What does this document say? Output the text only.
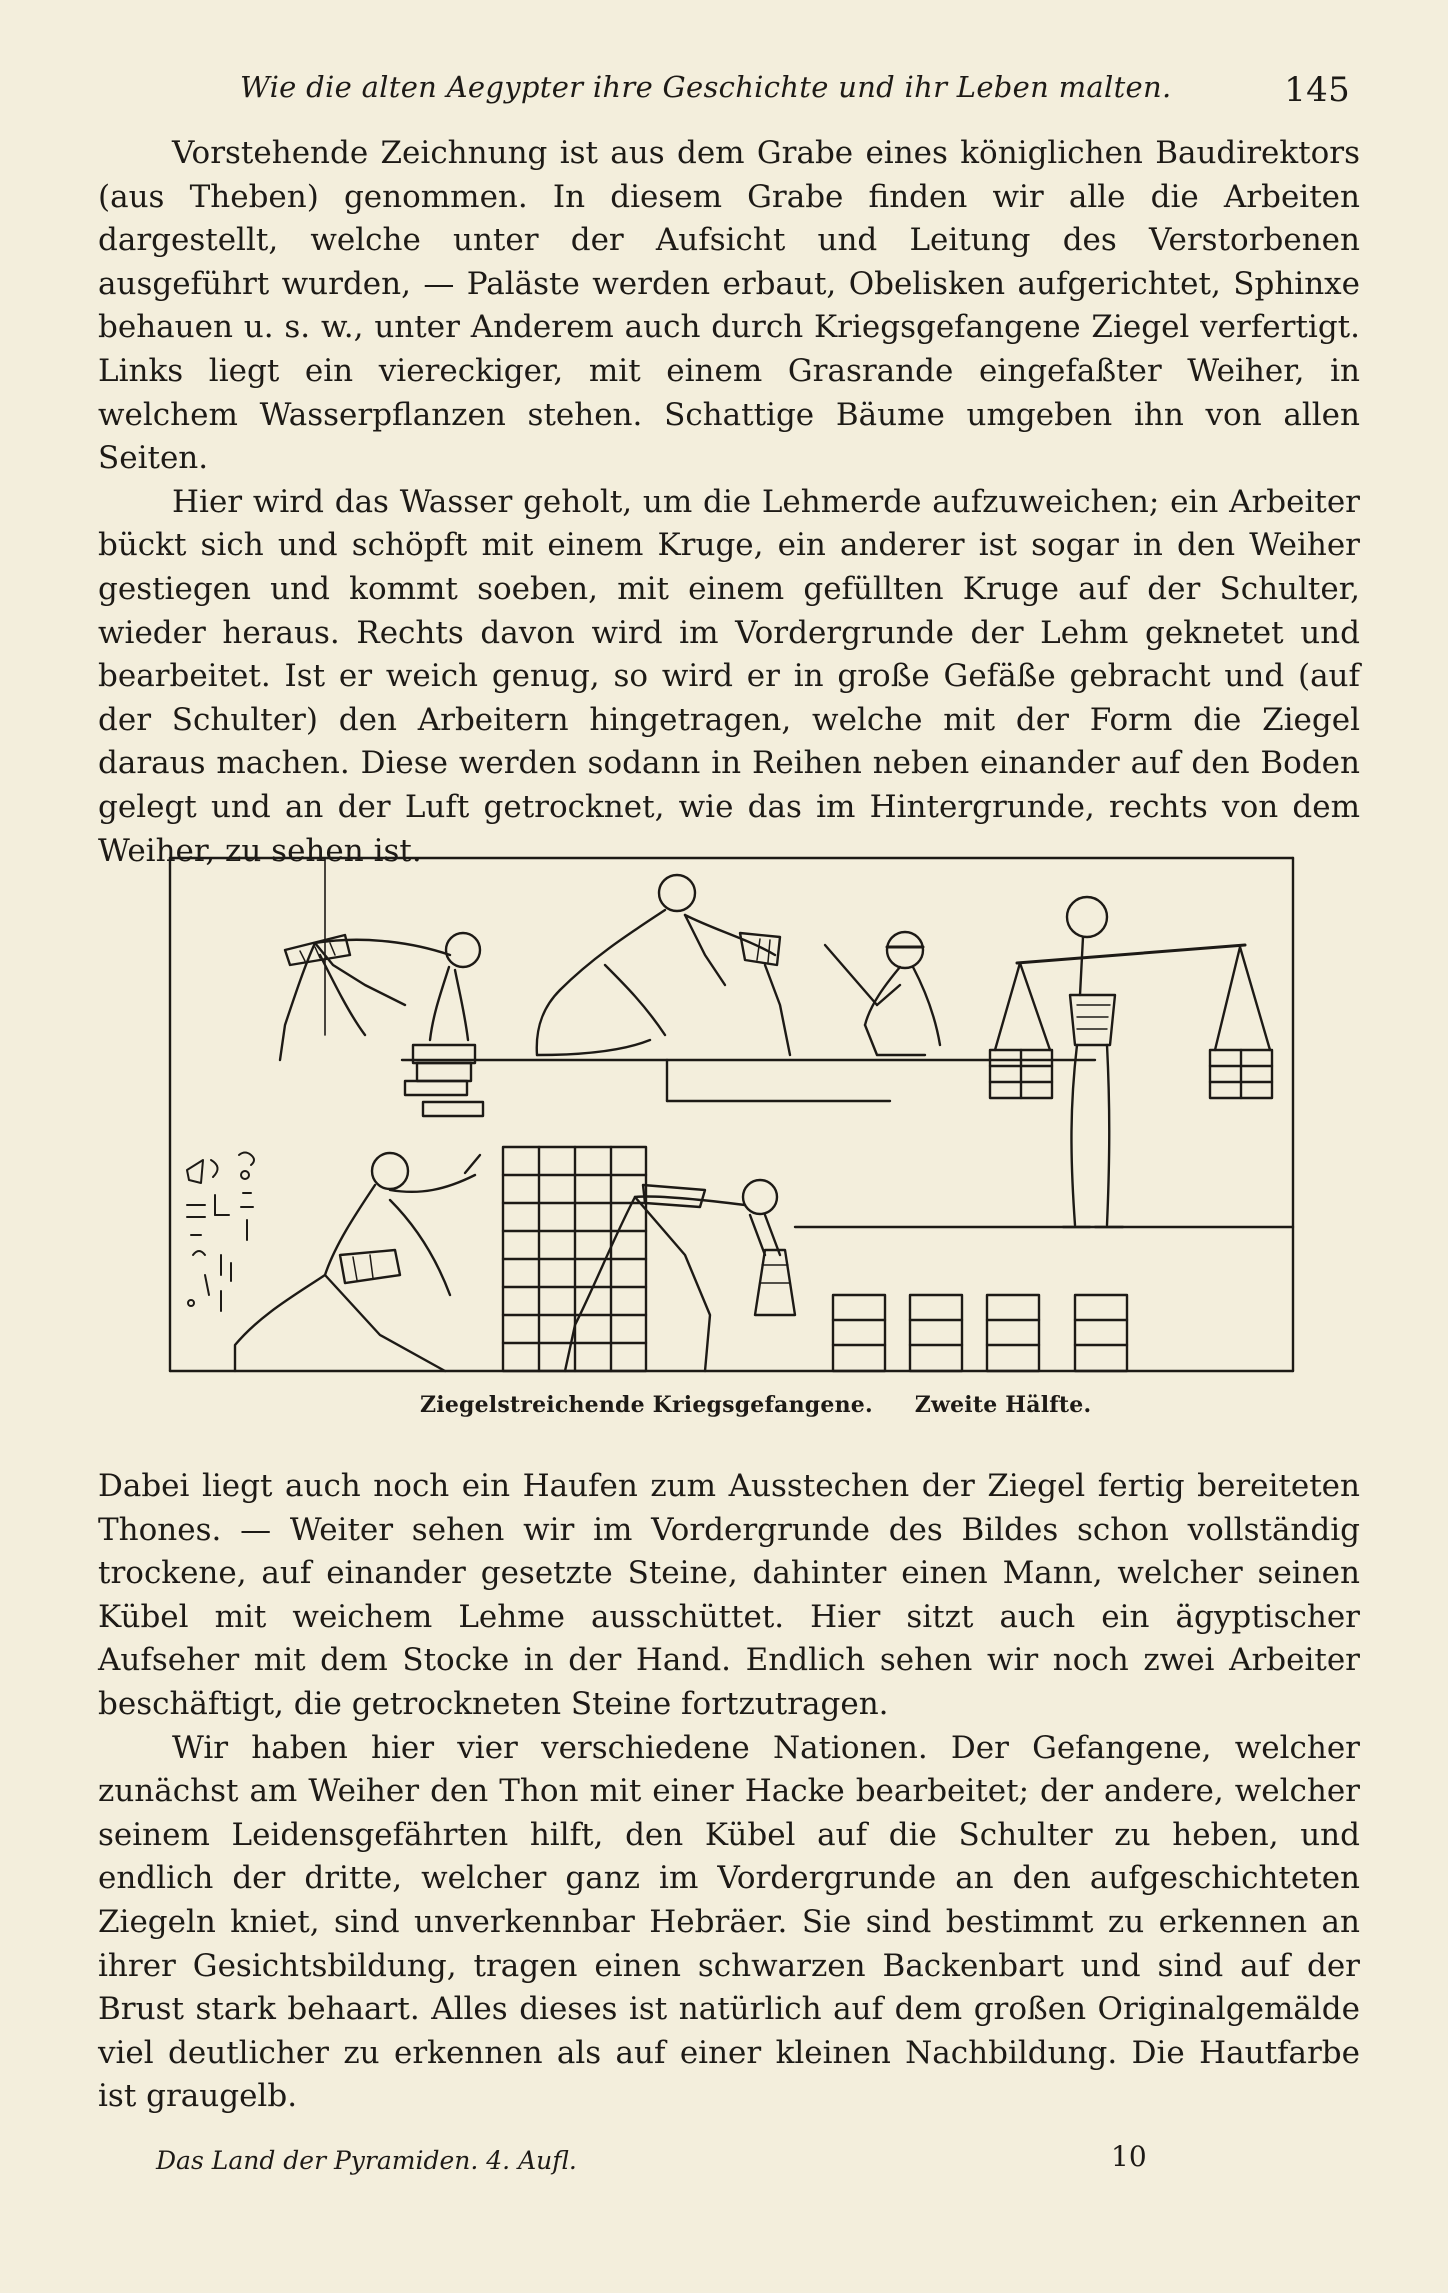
Wie die alten Aegypter ihre Geschichte und ihr Leben malten.	145

Vorstehende Zeichnung ist aus dem Grabe eines königlichen Baudirektors (aus Theben) genommen. In diesem Grabe finden wir alle die Arbeiten dargestellt, welche unter der Aufsicht und Leitung des Verstorbenen ausgeführt wurden, — Paläste werden erbaut, Obelisken aufgerichtet, Sphinxe behauen u. s. w., unter Anderem auch durch Kriegsgefangene Ziegel verfertigt. Links liegt ein viereckiger, mit einem Grasrande eingefaßter Weiher, in welchem Wasserpflanzen stehen. Schattige Bäume umgeben ihn von allen Seiten.

Hier wird das Wasser geholt, um die Lehmerde aufzuweichen; ein Arbeiter bückt sich und schöpft mit einem Kruge, ein anderer ist sogar in den Weiher gestiegen und kommt soeben, mit einem gefüllten Kruge auf der Schulter, wieder heraus. Rechts davon wird im Vordergrunde der Lehm geknetet und bearbeitet. Ist er weich genug, so wird er in große Gefäße gebracht und (auf der Schulter) den Arbeitern hingetragen, welche mit der Form die Ziegel daraus machen. Diese werden sodann in Reihen neben einander auf den Boden gelegt und an der Luft getrocknet, wie das im Hintergrunde, rechts von dem Weiher, zu sehen ist.

Ziegelstreichende Kriegsgefangene. Zweite Hälfte.

Dabei liegt auch noch ein Haufen zum Ausstechen der Ziegel fertig bereiteten Thones. — Weiter sehen wir im Vordergrunde des Bildes schon vollständig trockene, auf einander gesetzte Steine, dahinter einen Mann, welcher seinen Kübel mit weichem Lehme ausschüttet. Hier sitzt auch ein ägyptischer Aufseher mit dem Stocke in der Hand. Endlich sehen wir noch zwei Arbeiter beschäftigt, die getrockneten Steine fortzutragen.

Wir haben hier vier verschiedene Nationen. Der Gefangene, welcher zunächst am Weiher den Thon mit einer Hacke bearbeitet; der andere, welcher seinem Leidensgefährten hilft, den Kübel auf die Schulter zu heben, und endlich der dritte, welcher ganz im Vordergrunde an den aufgeschichteten Ziegeln kniet, sind unverkennbar Hebräer. Sie sind bestimmt zu erkennen an ihrer Gesichtsbildung, tragen einen schwarzen Backenbart und sind auf der Brust stark behaart. Alles dieses ist natürlich auf dem großen Originalgemälde viel deutlicher zu erkennen als auf einer kleinen Nachbildung. Die Hautfarbe ist graugelb.

Das Land der Pyramiden. 4. Aufl.	10
